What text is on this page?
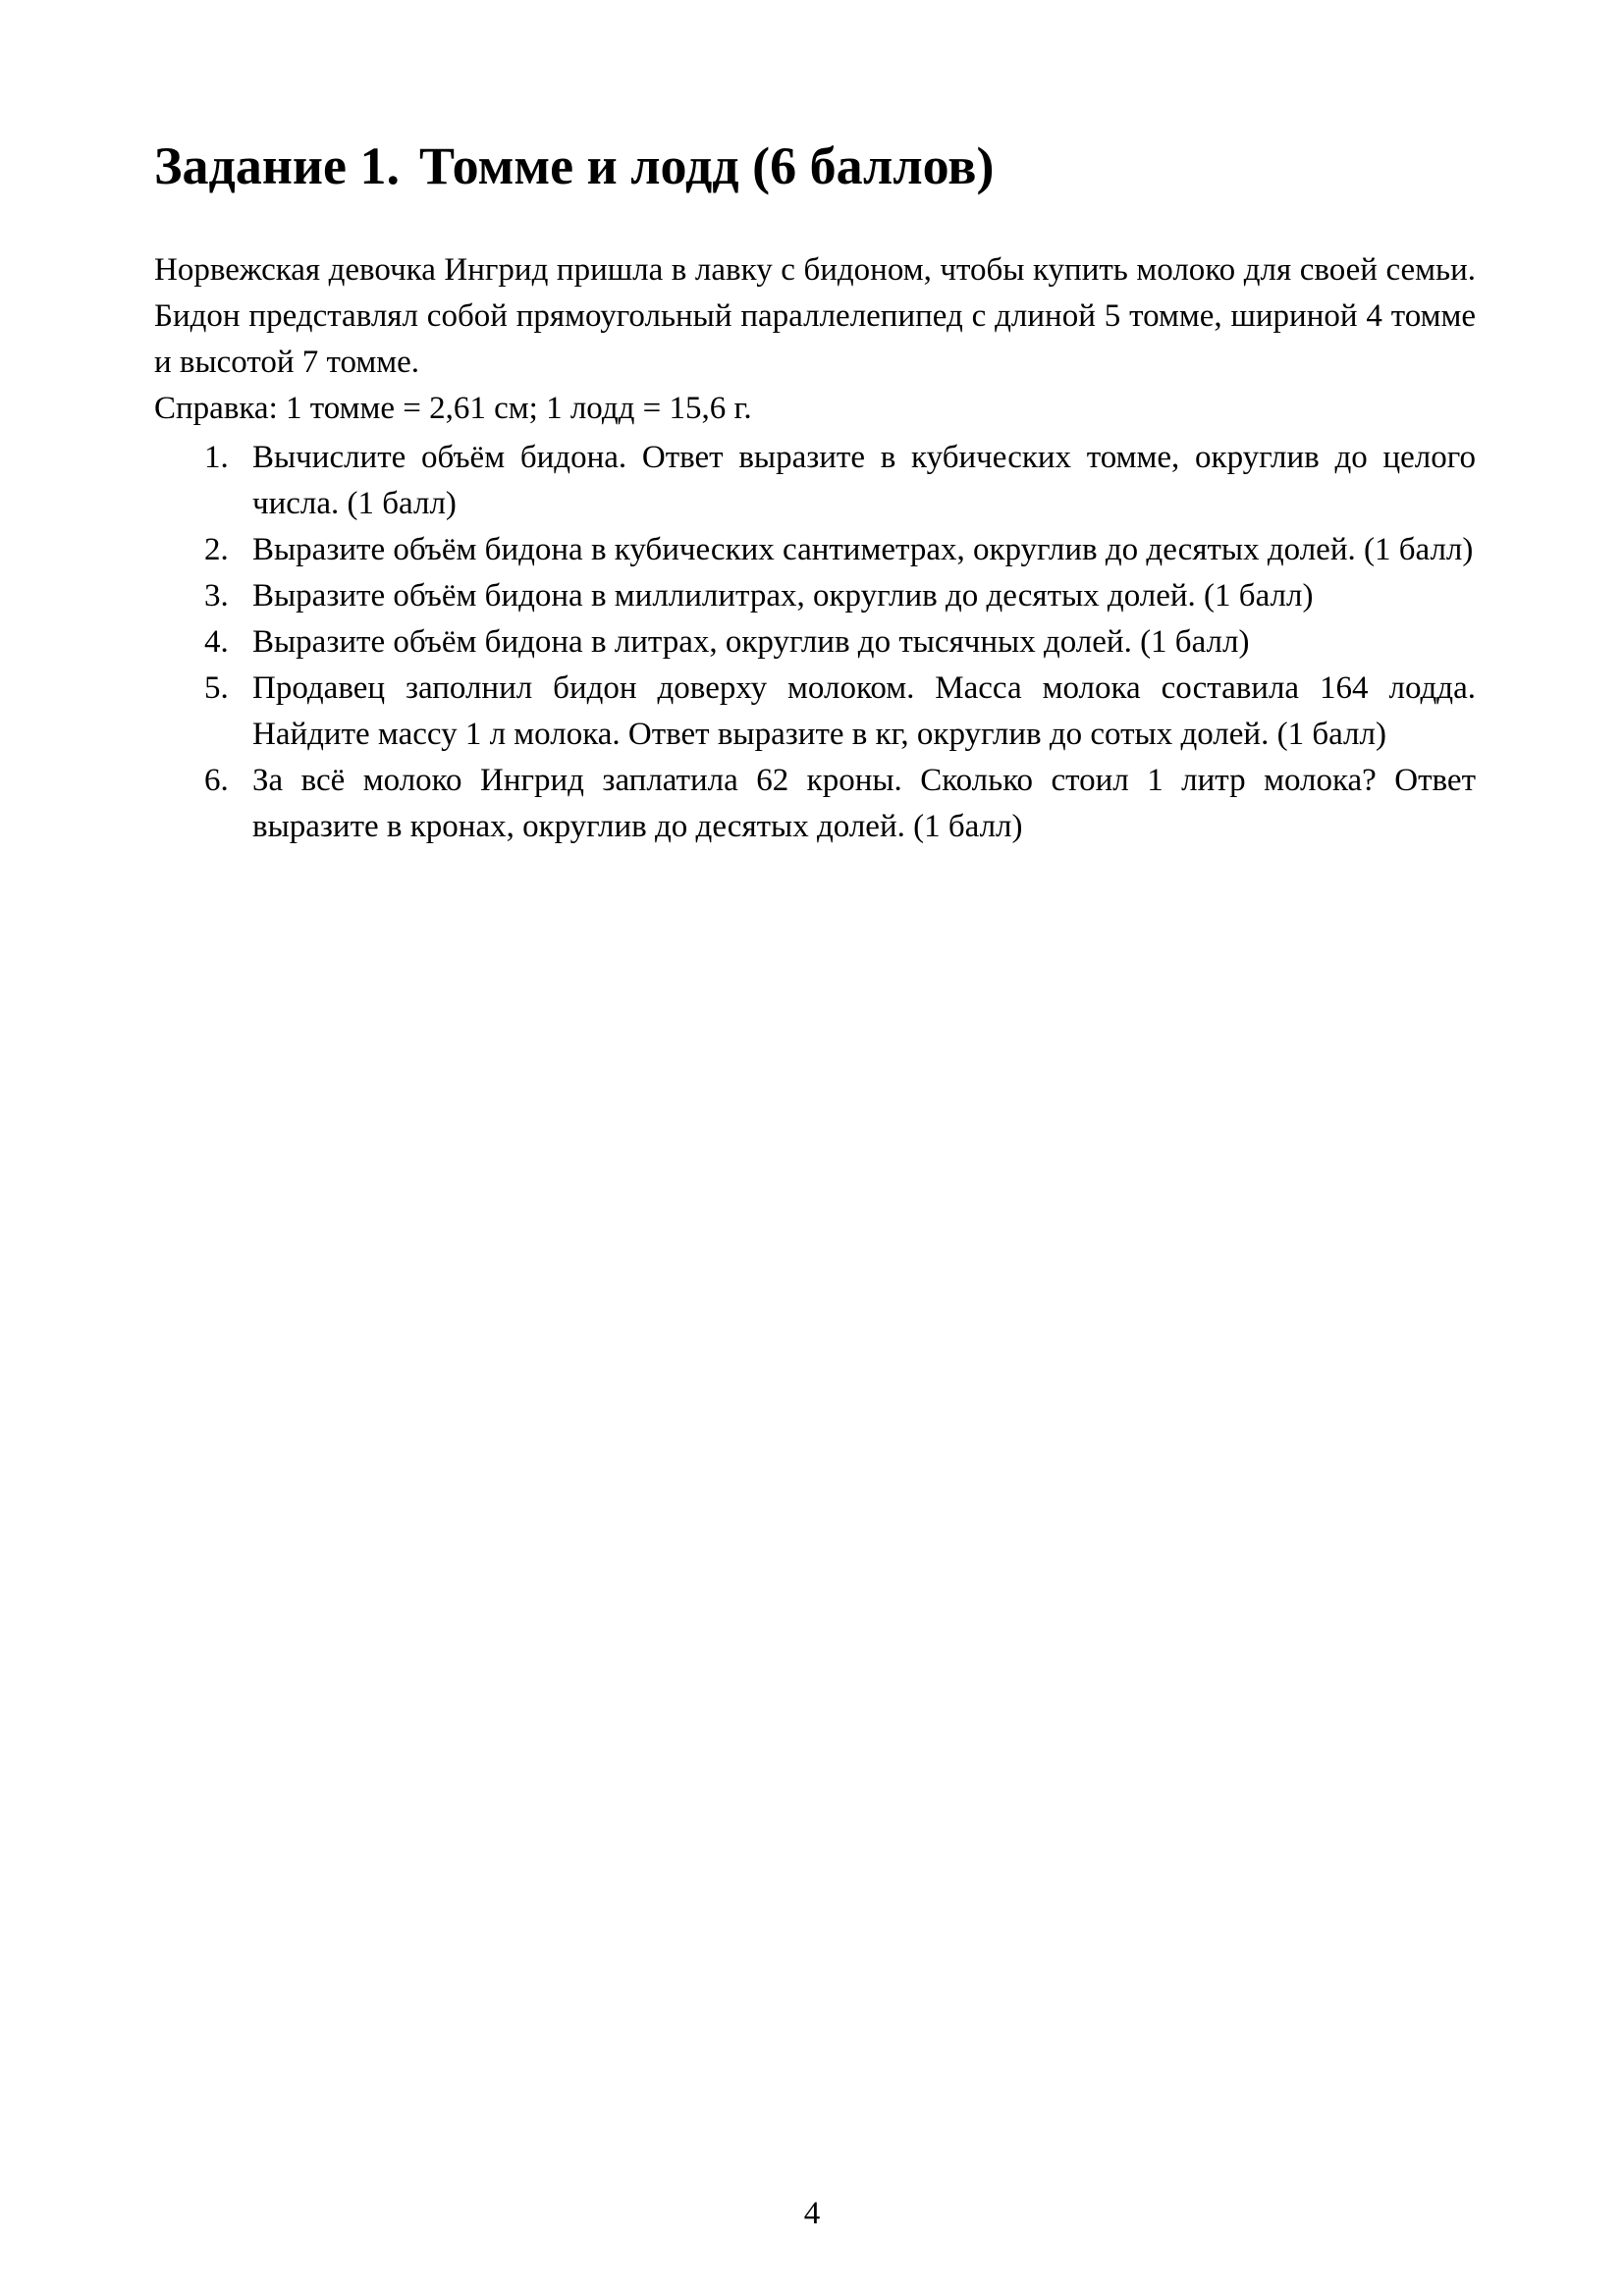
Задание 1. Томме и лодд (6 баллов)

Норвежская девочка Ингрид пришла в лавку с бидоном, чтобы купить молоко для своей семьи. Бидон представлял собой прямоугольный параллелепипед с длиной 5 томме, шириной 4 томме и высотой 7 томме.

Справка: 1 томме = 2,61 см; 1 лодд = 15,6 г.

1. Вычислите объём бидона. Ответ выразите в кубических томме, округлив до целого числа. (1 балл)
2. Выразите объём бидона в кубических сантиметрах, округлив до десятых долей. (1 балл)
3. Выразите объём бидона в миллилитрах, округлив до десятых долей. (1 балл)
4. Выразите объём бидона в литрах, округлив до тысячных долей. (1 балл)
5. Продавец заполнил бидон доверху молоком. Масса молока составила 164 лодда. Найдите массу 1 л молока. Ответ выразите в кг, округлив до сотых долей. (1 балл)
6. За всё молоко Ингрид заплатила 62 кроны. Сколько стоил 1 литр молока? Ответ выразите в кронах, округлив до десятых долей. (1 балл)
4
